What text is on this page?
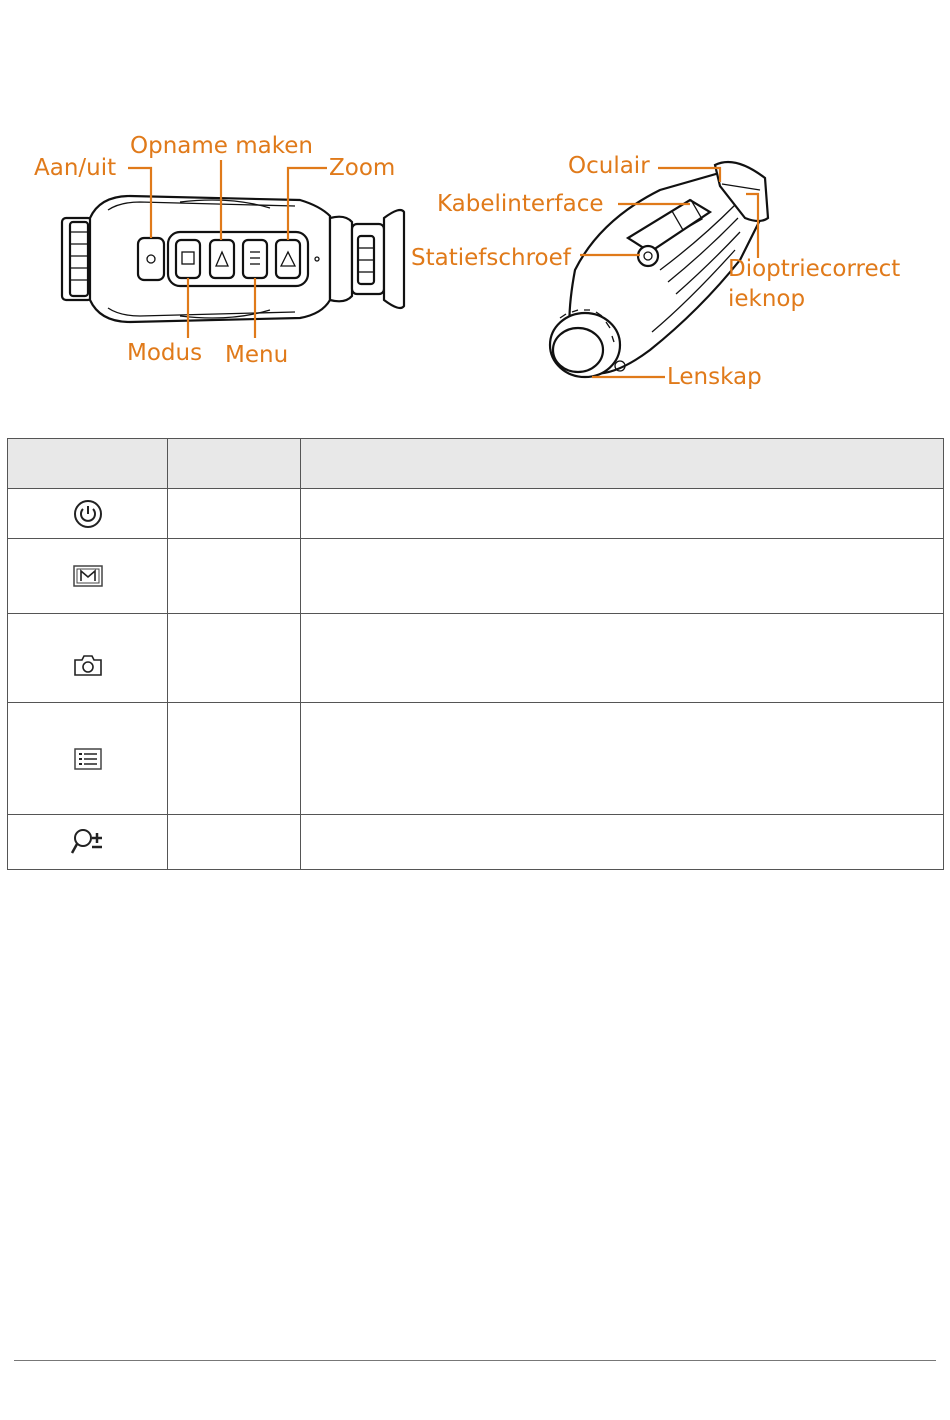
Aan/uit
Opname maken
Zoom
Modus Menu
Oculair
Kabelinterface
Statiefschroef	Dioptriecorrect
ieknop
Lenskap
